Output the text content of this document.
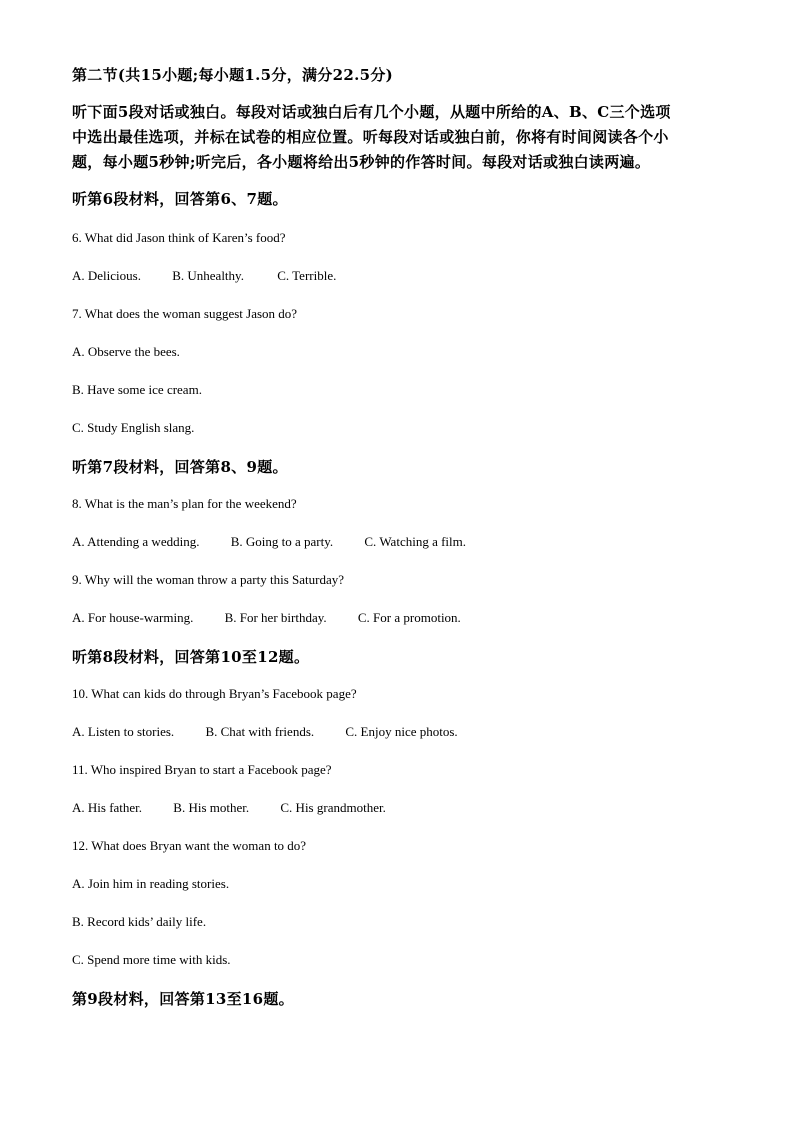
第二节(共15小题;每小题1.5分，满分22.5分)
听下面5段对话或独白。每段对话或独白后有几个小题，从题中所给的A、B、C三个选项
中选出最佳选项，并标在试卷的相应位置。听每段对话或独白前，你将有时间阅读各个小
题，每小题5秒钟;听完后，各小题将给出5秒钟的作答时间。每段对话或独白读两遍。
听第6段材料，回答第6、7题。
6. What did Jason think of Karen’s food?
A. Delicious. B. Unhealthy.	C. Terrible.
7. What does the woman suggest Jason do?
A. Observe the bees.
B. Have some ice cream.
C. Study English slang.
听第7段材料，回答第8、9题。
8. What is the man’s plan for the weekend?
A. Attending a wedding. B. Going to a party. C. Watching a film.
9. Why will the woman throw a party this Saturday?
A. For house-warming. B. For her birthday. C. For a promotion.
听第8段材料，回答第10至12题。
10. What can kids do through Bryan’s Facebook page?
A. Listen to stories. B. Chat with friends. C. Enjoy nice photos.
11. Who inspired Bryan to start a Facebook page?
A. His father. B. His mother. C. His grandmother.
12. What does Bryan want the woman to do?
A. Join him in reading stories.
B. Record kids’ daily life.
C. Spend more time with kids.
第9段材料，回答第13至16题。
